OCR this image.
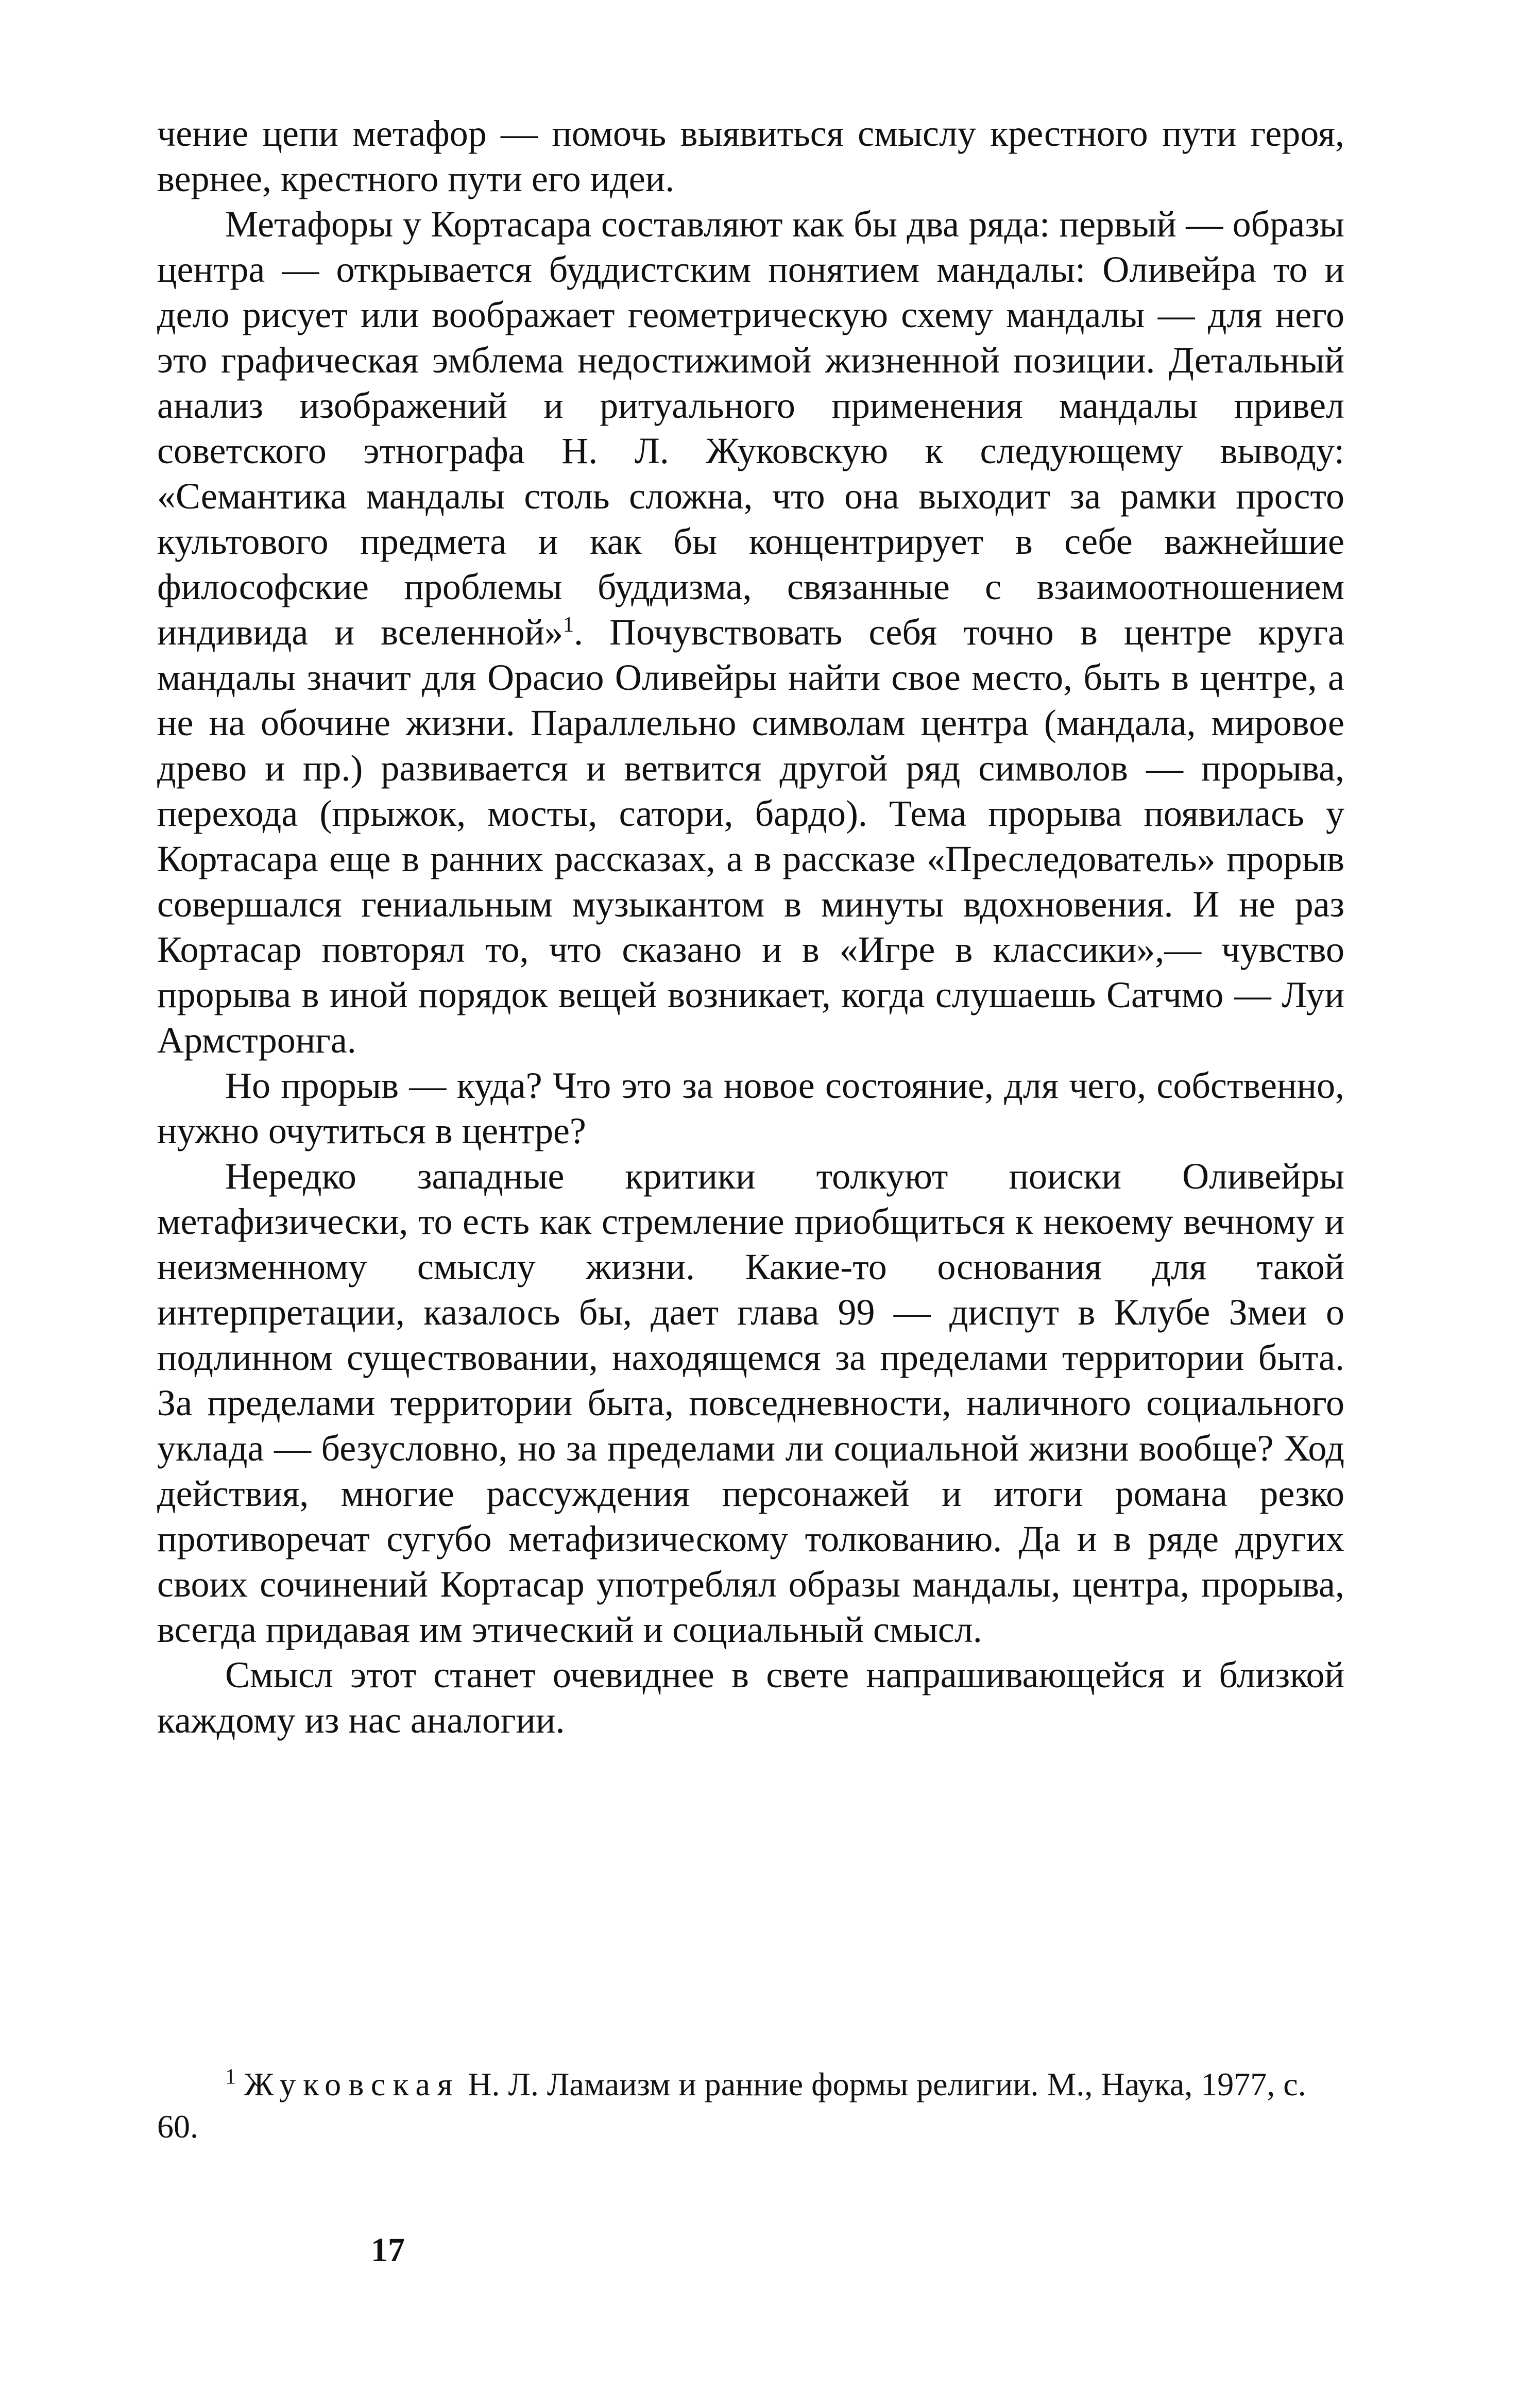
чение цепи метафор — помочь выявиться смыслу крестного пути героя, вернее, крестного пути его идеи.

Метафоры у Кортасара составляют как бы два ряда: первый — образы центра — открывается буддистским понятием мандалы: Оливейра то и дело рисует или воображает геометрическую схему мандалы — для него это графическая эмблема недостижимой жизненной позиции. Детальный анализ изображений и ритуального применения мандалы привел советского этнографа Н. Л. Жуковскую к следующему выводу: «Семантика мандалы столь сложна, что она выходит за рамки просто культового предмета и как бы концентрирует в себе важнейшие философские проблемы буддизма, связанные с взаимоотношением индивида и вселенной»$^1$. Почувствовать себя точно в центре круга мандалы значит для Орасио Оливейры найти свое место, быть в центре, а не на обочине жизни. Параллельно символам центра (мандала, мировое древо и пр.) развивается и ветвится другой ряд символов — прорыва, перехода (прыжок, мосты, сатори, бардо). Тема прорыва появилась у Кортасара еще в ранних рассказах, а в рассказе «Преследователь» прорыв совершался гениальным музыкантом в минуты вдохновения. И не раз Кортасар повторял то, что сказано и в «Игре в классики»,— чувство прорыва в иной порядок вещей возникает, когда слушаешь Сатчмо — Луи Армстронга.

Но прорыв — куда? Что это за новое состояние, для чего, собственно, нужно очутиться в центре?

Нередко западные критики толкуют поиски Оливейры метафизически, то есть как стремление приобщиться к некоему вечному и неизменному смыслу жизни. Какие-то основания для такой интерпретации, казалось бы, дает глава 99 — диспут в Клубе Змеи о подлинном существовании, находящемся за пределами территории быта. За пределами территории быта, повседневности, наличного социального уклада — безусловно, но за пределами ли социальной жизни вообще? Ход действия, многие рассуждения персонажей и итоги романа резко противоречат сугубо метафизическому толкованию. Да и в ряде других своих сочинений Кортасар употреблял образы мандалы, центра, прорыва, всегда придавая им этический и социальный смысл.

Смысл этот станет очевиднее в свете напрашивающейся и близкой каждому из нас аналогии.

$^1$ Жуковская Н. Л. Ламаизм и ранние формы религии. М., Наука, 1977, с. 60.

17
